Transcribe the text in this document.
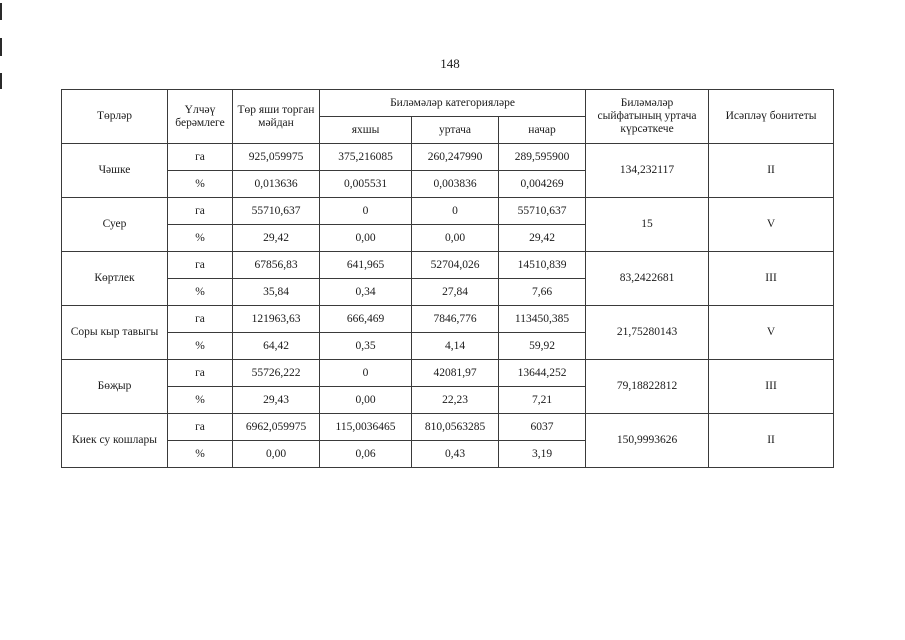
148
Төрләр	Үлчәү берәмлеге	Төр яши торган мәйдан	Биләмәләр категорияләре			Биләмәләр сыйфатының уртача күрсәткече	Исәпләү бонитеты
			яхшы	уртача	начар		
Чәшке	га	925,059975	375,216085	260,247990	289,595900	134,232117	II
	%	0,013636	0,005531	0,003836	0,004269		
Суер	га	55710,637	0	0	55710,637	15	V
	%	29,42	0,00	0,00	29,42		
Көртлек	га	67856,83	641,965	52704,026	14510,839	83,2422681	III
	%	35,84	0,34	27,84	7,66		
Соры кыр тавыгы	га	121963,63	666,469	7846,776	113450,385	21,75280143	V
	%	64,42	0,35	4,14	59,92		
Бөҗыр	га	55726,222	0	42081,97	13644,252	79,18822812	III
	%	29,43	0,00	22,23	7,21		
Киек су кошлары	га	6962,059975	115,0036465	810,0563285	6037	150,9993626	II
	%	0,00	0,06	0,43	3,19		
